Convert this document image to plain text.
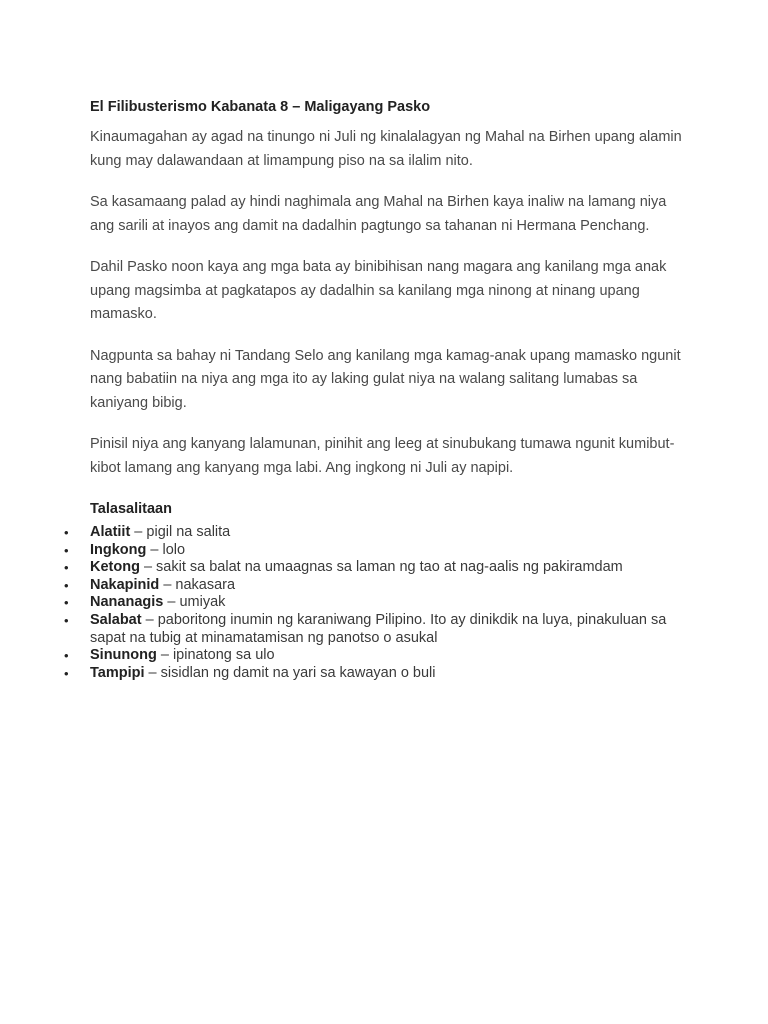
El Filibusterismo Kabanata 8 – Maligayang Pasko

Kinaumagahan ay agad na tinungo ni Juli ng kinalalagyan ng Mahal na Birhen upang alamin kung may dalawandaan at limampung piso na sa ilalim nito.

Sa kasamaang palad ay hindi naghimala ang Mahal na Birhen kaya inaliw na lamang niya ang sarili at inayos ang damit na dadalhin pagtungo sa tahanan ni Hermana Penchang.

Dahil Pasko noon kaya ang mga bata ay binibihisan nang magara ang kanilang mga anak upang magsimba at pagkatapos ay dadalhin sa kanilang mga ninong at ninang upang mamasko.

Nagpunta sa bahay ni Tandang Selo ang kanilang mga kamag-anak upang mamasko ngunit nang babatiin na niya ang mga ito ay laking gulat niya na walang salitang lumabas sa kaniyang bibig.

Pinisil niya ang kanyang lalamunan, pinihit ang leeg at sinubukang tumawa ngunit kumibut-kibot lamang ang kanyang mga labi. Ang ingkong ni Juli ay napipi.

Talasalitaan
• Alatiit – pigil na salita
• Ingkong – lolo
• Ketong – sakit sa balat na umaagnas sa laman ng tao at nag-aalis ng pakiramdam
• Nakapinid – nakasara
• Nananagis – umiyak
• Salabat – paboritong inumin ng karaniwang Pilipino. Ito ay dinikdik na luya, pinakuluan sa sapat na tubig at minamatamisan ng panotso o asukal
• Sinunong – ipinatong sa ulo
• Tampipi – sisidlan ng damit na yari sa kawayan o buli
